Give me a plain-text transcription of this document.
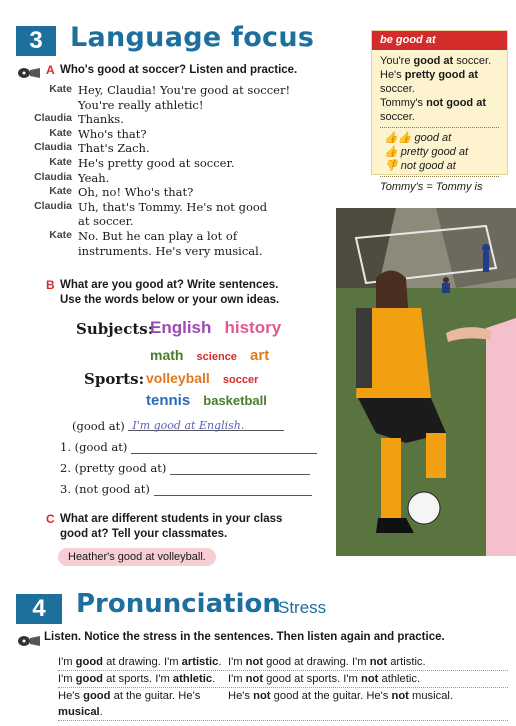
3 Language focus
A Who's good at soccer? Listen and practice.
Kate Hey, Claudia! You're good at soccer!
You're really athletic!
Claudia Thanks.
Kate Who's that?
Claudia That's Zach.
Kate He's pretty good at soccer.
Claudia Yeah.
Kate Oh, no! Who's that?
Claudia Uh, that's Tommy. He's not good
at soccer.
Kate No. But he can play a lot of
instruments. He's very musical.
be good at
You're good at soccer.
He's pretty good at soccer.
Tommy's not good at soccer.
👍👍 good at
👍 pretty good at
👎 not good at
Tommy's = Tommy is
B What are you good at? Write sentences.
Use the words below or your own ideas.
Subjects:
English history
math science art
Sports: volleyball soccer
tennis basketball
(good at) I'm good at English.
1. (good at)
2. (pretty good at)
3. (not good at)
C What are different students in your class
good at? Tell your classmates.
Heather's good at volleyball.
4 Pronunciation
Stress
Listen. Notice the stress in the sentences. Then listen again and practice.
I'm good at drawing. I'm artistic. I'm not good at drawing. I'm not artistic.
I'm good at sports. I'm athletic.	I'm not good at sports. I'm not athletic.
He's good at the guitar. He's musical.
He's not good at the guitar. He's not musical.
